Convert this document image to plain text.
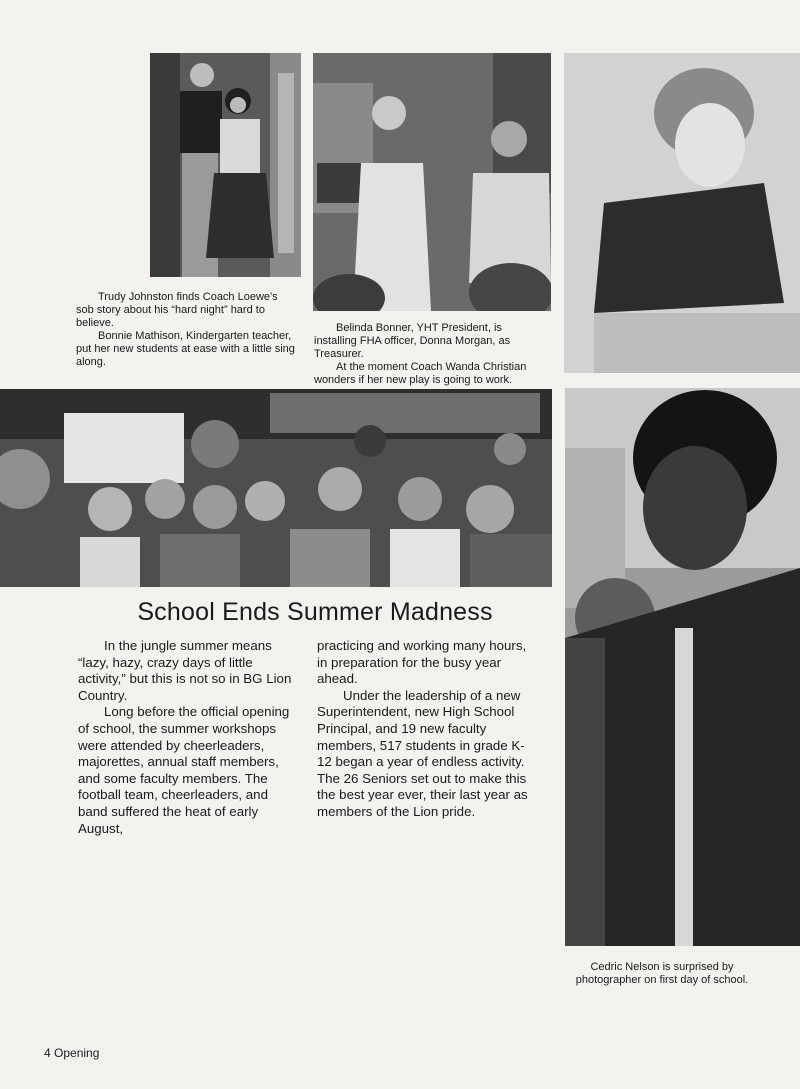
Trudy Johnston finds Coach Loewe's sob story about his “hard night” hard to believe.

Bonnie Mathison, Kindergarten teacher, put her new students at ease with a little sing along.

Belinda Bonner, YHT President, is installing FHA officer, Donna Morgan, as Treasurer.

At the moment Coach Wanda Christian wonders if her new play is going to work.

School Ends Summer Madness

In the jungle summer means “lazy, hazy, crazy days of little activity,” but this is not so in BG Lion Country.

Long before the official opening of school, the summer workshops were attended by cheerleaders, majorettes, annual staff members, and some faculty members. The football team, cheerleaders, and band suffered the heat of early August,

practicing and working many hours, in preparation for the busy year ahead.

Under the leadership of a new Superintendent, new High School Principal, and 19 new faculty members, 517 students in grade K-12 began a year of endless activity. The 26 Seniors set out to make this the best year ever, their last year as members of the Lion pride.

Cedric Nelson is surprised by photographer on first day of school.

4 Opening
